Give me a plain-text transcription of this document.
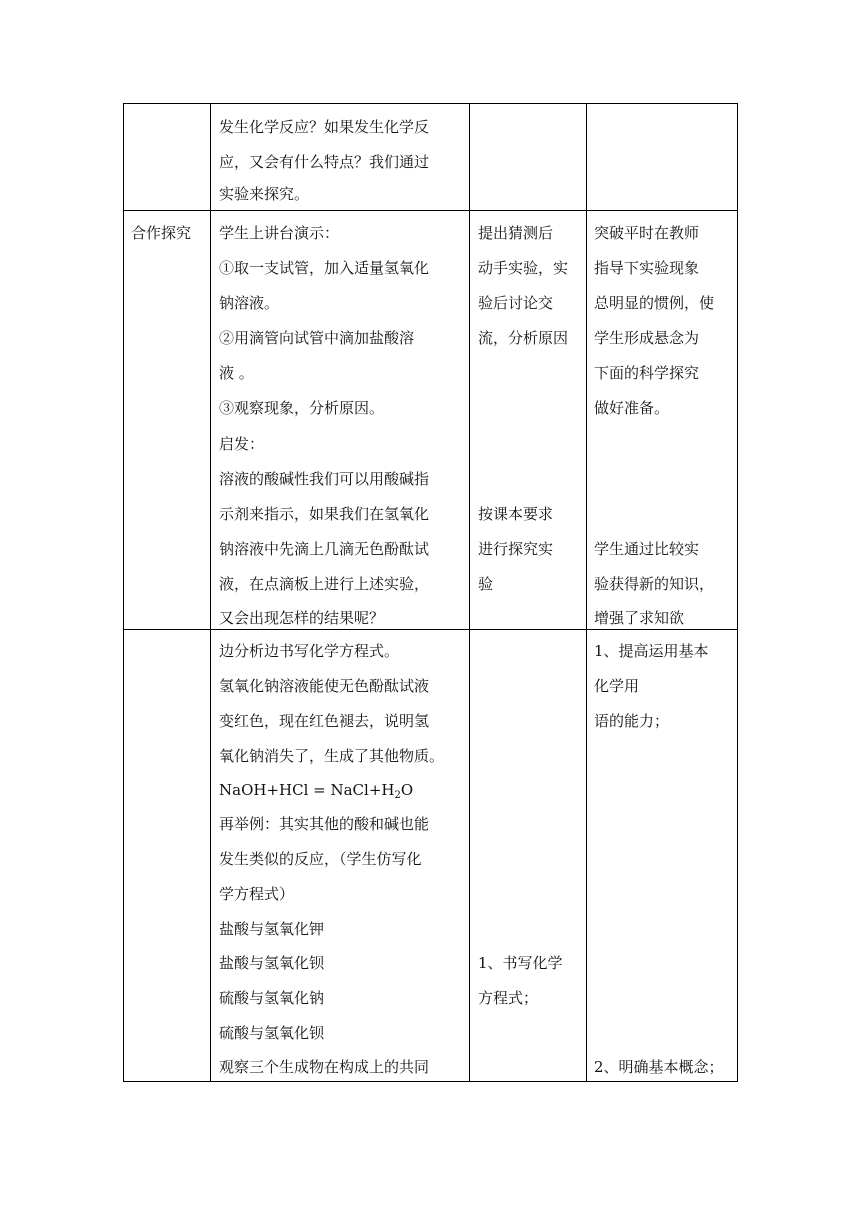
发生化学反应？如果发生化学反
应，又会有什么特点？我们通过
实验来探究。
合作探究 学生上讲台演示：
①取一支试管，加入适量氢氧化
钠溶液。
②用滴管向试管中滴加盐酸溶
液 。
③观察现象，分析原因。
启发：
溶液的酸碱性我们可以用酸碱指
示剂来指示，如果我们在氢氧化
钠溶液中先滴上几滴无色酚酞试
液，在点滴板上进行上述实验，
又会出现怎样的结果呢？
提出猜测后
动手实验，实
验后讨论交
流，分析原因
按课本要求
进行探究实
验
突破平时在教师
指导下实验现象
总明显的惯例，使
学生形成悬念为
下面的科学探究
做好准备。
学生通过比较实
验获得新的知识，
增强了求知欲
边分析边书写化学方程式。
氢氧化钠溶液能使无色酚酞试液
变红色，现在红色褪去，说明氢
氧化钠消失了，生成了其他物质。
NaOH+HCl = $NaCl+H_2O$
再举例：其实其他的酸和碱也能
发生类似的反应，（学生仿写化
学方程式）
盐酸与氢氧化钾
盐酸与氢氧化钡
硫酸与氢氧化钠
硫酸与氢氧化钡
观察三个生成物在构成上的共同
1、书写化学
方程式；
1、提高运用基本
化学用
语的能力；
2、明确基本概念；
